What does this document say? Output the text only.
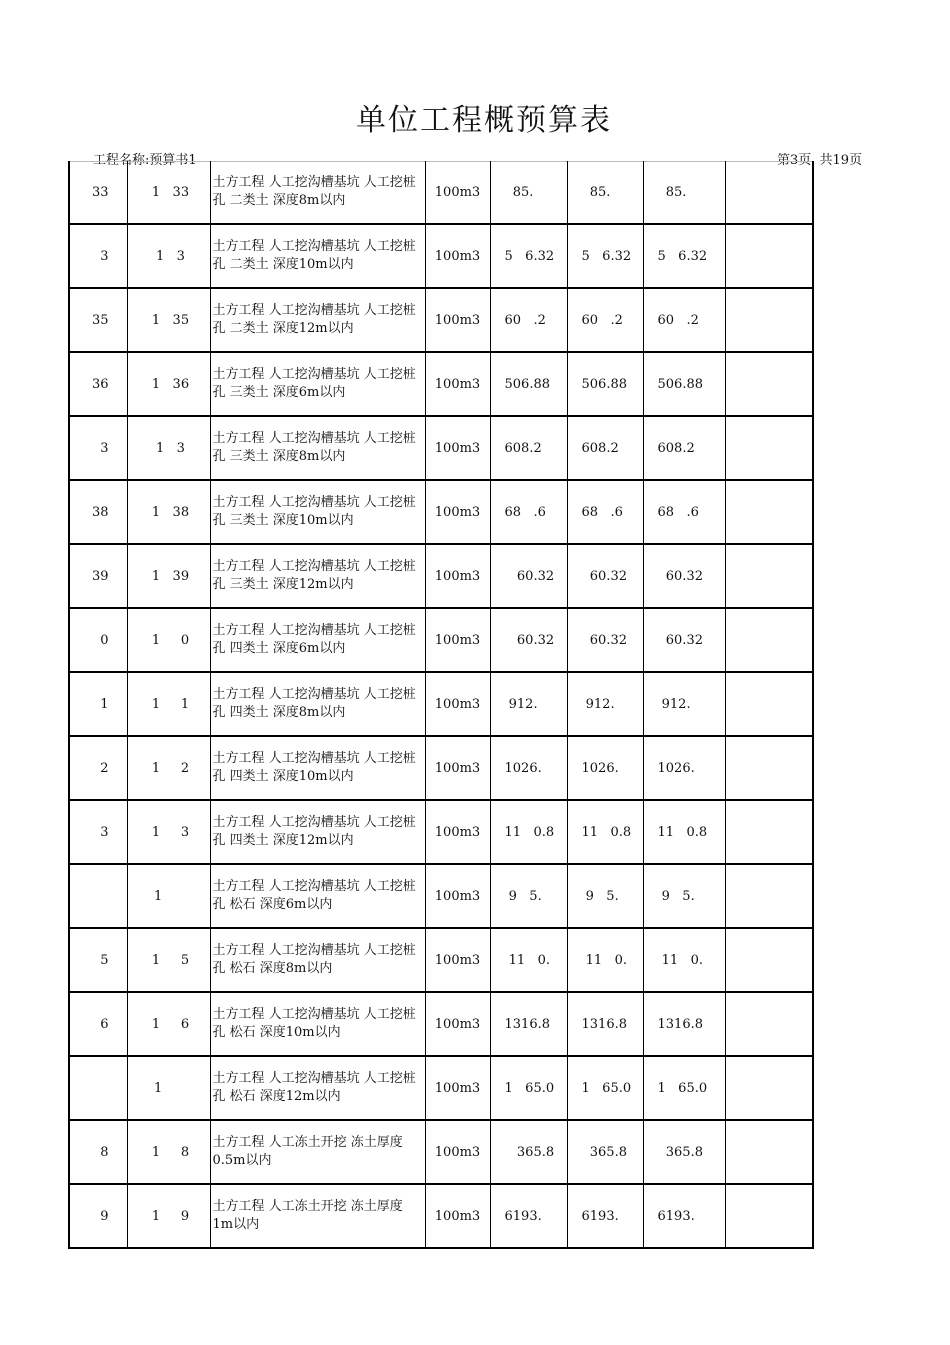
单位工程概预算表
工程名称:预算书1	第3页  共19页
33	1   33	土方工程 人工挖沟槽基坑 人工挖桩孔 二类土 深度8m以内	100m3	85.	85.	85.	
3	1   3	土方工程 人工挖沟槽基坑 人工挖桩孔 二类土 深度10m以内	100m3	5   6.32	5   6.32	5   6.32	
35	1   35	土方工程 人工挖沟槽基坑 人工挖桩孔 二类土 深度12m以内	100m3	60   .2	60   .2	60   .2	
36	1   36	土方工程 人工挖沟槽基坑 人工挖桩孔 三类土 深度6m以内	100m3	506.88	506.88	506.88	
3	1   3	土方工程 人工挖沟槽基坑 人工挖桩孔 三类土 深度8m以内	100m3	608.2	608.2	608.2	
38	1   38	土方工程 人工挖沟槽基坑 人工挖桩孔 三类土 深度10m以内	100m3	68   .6	68   .6	68   .6	
39	1   39	土方工程 人工挖沟槽基坑 人工挖桩孔 三类土 深度12m以内	100m3	60.32	60.32	60.32	
0	1     0	土方工程 人工挖沟槽基坑 人工挖桩孔 四类土 深度6m以内	100m3	60.32	60.32	60.32	
1	1     1	土方工程 人工挖沟槽基坑 人工挖桩孔 四类土 深度8m以内	100m3	912.	912.	912.	
2	1     2	土方工程 人工挖沟槽基坑 人工挖桩孔 四类土 深度10m以内	100m3	1026.	1026.	1026.	
3	1     3	土方工程 人工挖沟槽基坑 人工挖桩孔 四类土 深度12m以内	100m3	11   0.8	11   0.8	11   0.8	
	1	土方工程 人工挖沟槽基坑 人工挖桩孔 松石 深度6m以内	100m3	9   5.	9   5.	9   5.	
5	1     5	土方工程 人工挖沟槽基坑 人工挖桩孔 松石 深度8m以内	100m3	11   0.	11   0.	11   0.	
6	1     6	土方工程 人工挖沟槽基坑 人工挖桩孔 松石 深度10m以内	100m3	1316.8	1316.8	1316.8	
	1	土方工程 人工挖沟槽基坑 人工挖桩孔 松石 深度12m以内	100m3	1   65.0	1   65.0	1   65.0	
8	1     8	土方工程 人工冻土开挖 冻土厚度 0.5m以内	100m3	365.8	365.8	365.8	
9	1     9	土方工程 人工冻土开挖 冻土厚度 1m以内	100m3	6193.	6193.	6193.	
